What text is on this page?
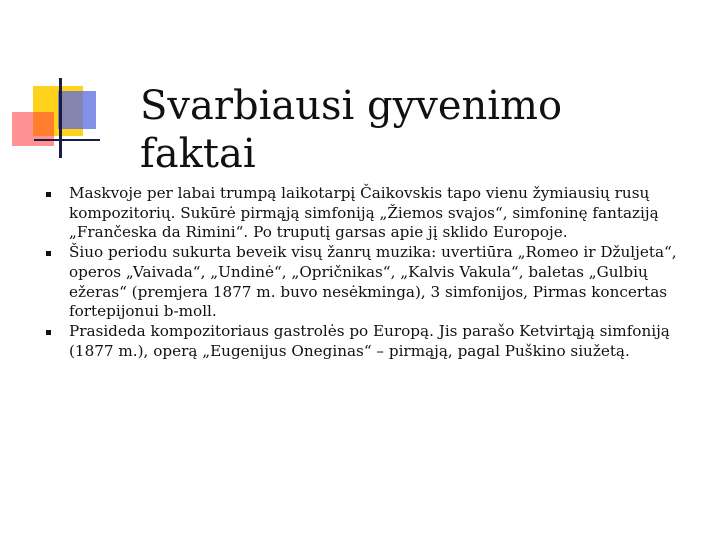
Svarbiausi gyvenimo faktai
Maskvoje per labai trumpą laikotarpį Čaikovskis tapo vienu žymiausių rusų kompozitorių. Sukūrė pirmąją simfoniją „Žiemos svajos“, simfoninę fantaziją „Frančeska da Rimini“. Po truputį garsas apie jį sklido Europoje.
Šiuo periodu sukurta beveik visų žanrų muzika: uvertiūra „Romeo ir Džuljeta“, operos „Vaivada“, „Undinė“, „Opričnikas“, „Kalvis Vakula“, baletas „Gulbių ežeras“ (premjera 1877 m. buvo nesėkminga), 3 simfonijos, Pirmas koncertas fortepijonui b-moll.
Prasideda kompozitoriaus gastrolės po Europą. Jis parašo Ketvirtąją simfoniją (1877 m.), operą „Eugenijus Oneginas“ – pirmąją, pagal Puškino siužetą.
